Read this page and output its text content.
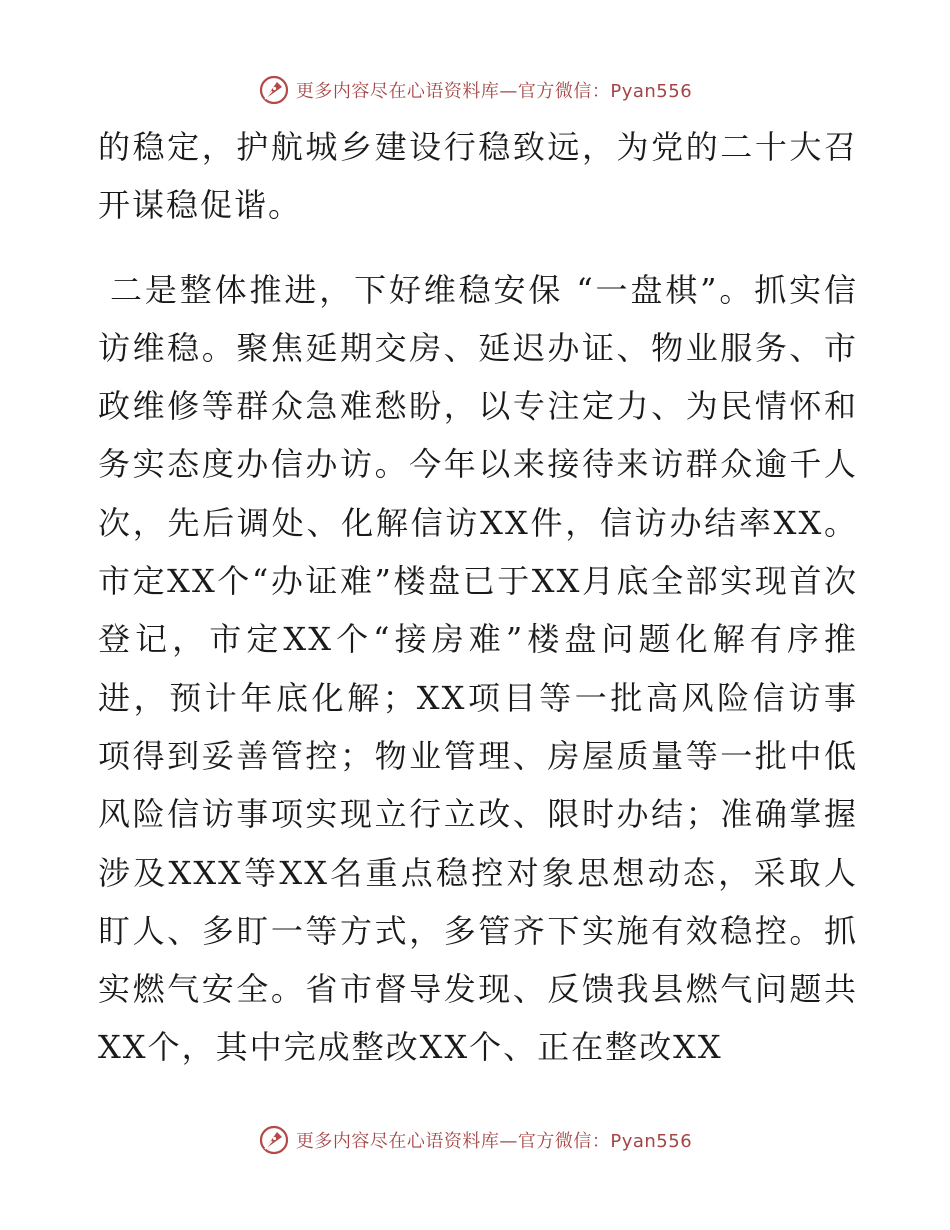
更多内容尽在心语资料库—官方微信：Pyan556

的稳定，护航城乡建设行稳致远，为党的二十大召开谋稳促谐。

二是整体推进，下好维稳安保 “一盘棋”。抓实信访维稳。聚焦延期交房、延迟办证、物业服务、市政维修等群众急难愁盼，以专注定力、为民情怀和务实态度办信办访。今年以来接待来访群众逾千人次，先后调处、化解信访XX件，信访办结率XX。市定XX个“办证难”楼盘已于XX月底全部实现首次登记，市定XX个“接房难”楼盘问题化解有序推进，预计年底化解；XX项目等一批高风险信访事项得到妥善管控；物业管理、房屋质量等一批中低风险信访事项实现立行立改、限时办结；准确掌握涉及XXX等XX名重点稳控对象思想动态，采取人盯人、多盯一等方式，多管齐下实施有效稳控。抓实燃气安全。省市督导发现、反馈我县燃气问题共XX个，其中完成整改XX个、正在整改XX

更多内容尽在心语资料库—官方微信：Pyan556
